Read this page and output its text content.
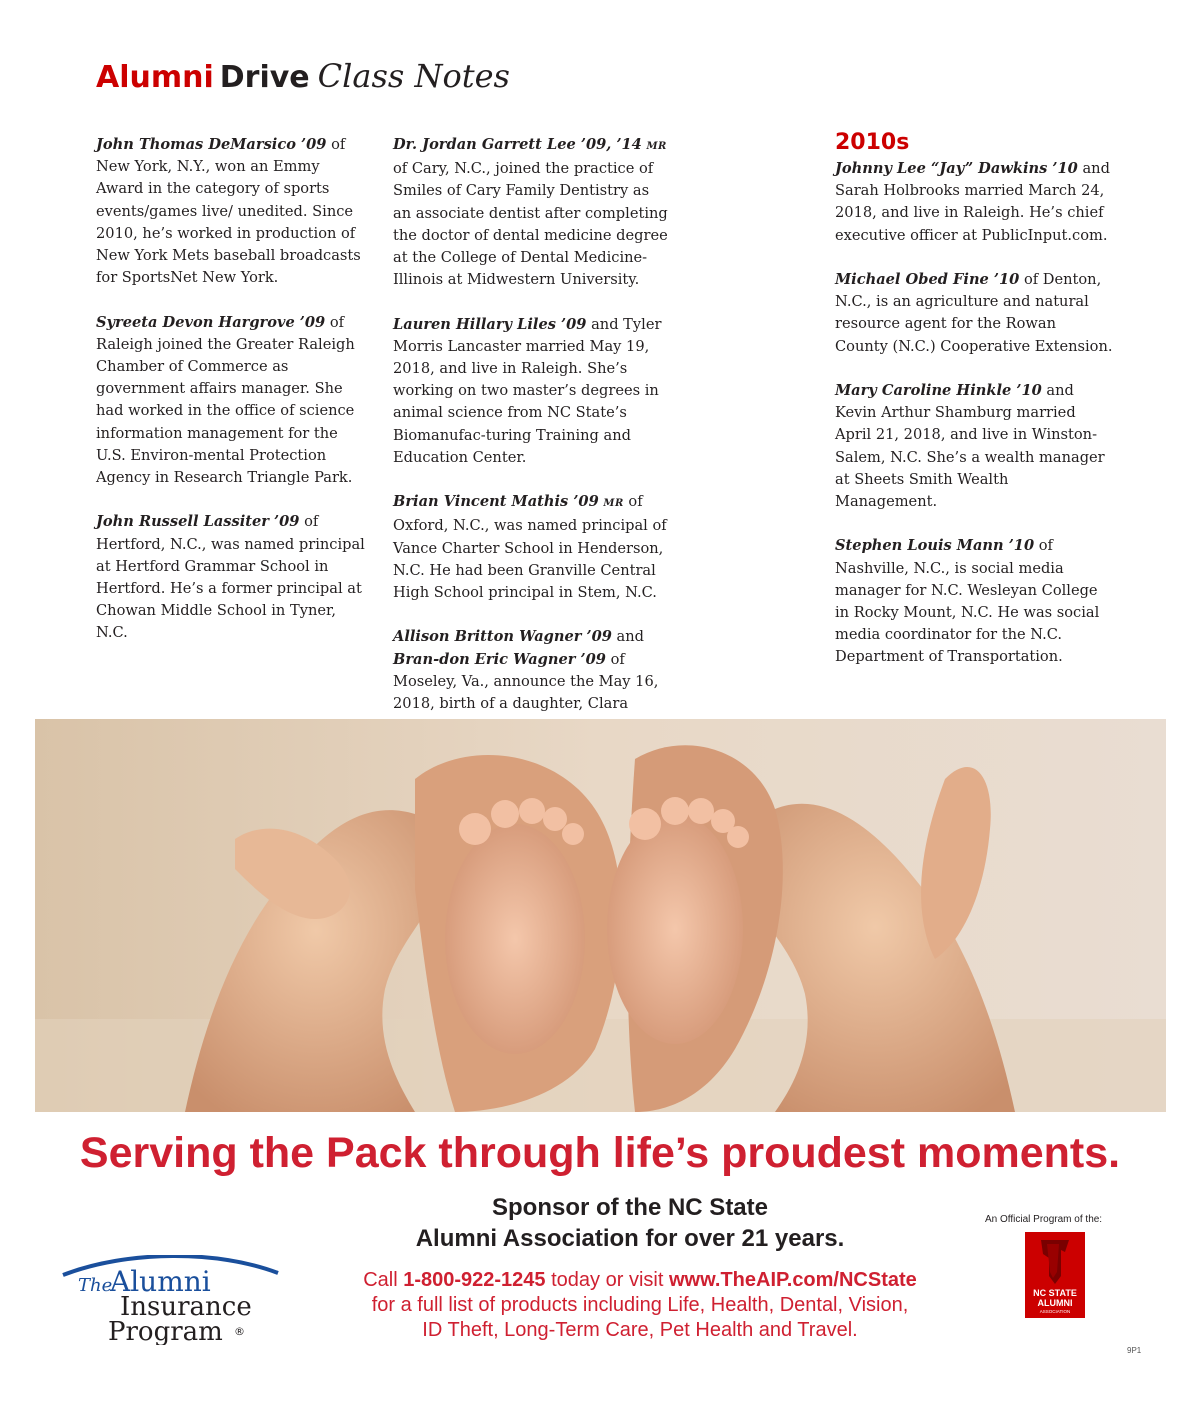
Alumni Drive Class Notes

John Thomas DeMarsico ’09 of New York, N.Y., won an Emmy Award in the category of sports events/games live/ unedited. Since 2010, he’s worked in production of New York Mets baseball broadcasts for SportsNet New York.

Syreeta Devon Hargrove ’09 of Raleigh joined the Greater Raleigh Chamber of Commerce as government affairs manager. She had worked in the office of science information management for the U.S. Environ-mental Protection Agency in Research Triangle Park.

John Russell Lassiter ’09 of Hertford, N.C., was named principal at Hertford Grammar School in Hertford. He’s a former principal at Chowan Middle School in Tyner, N.C.

Dr. Jordan Garrett Lee ’09, ’14 MR
of Cary, N.C., joined the practice of Smiles of Cary Family Dentistry as an associate dentist after completing the doctor of dental medicine degree at the College of Dental Medicine-Illinois at Midwestern University.

Lauren Hillary Liles ’09 and Tyler Morris Lancaster married May 19, 2018, and live in Raleigh. She’s working on two master’s degrees in animal science from NC State’s Biomanufac-turing Training and Education Center.

Brian Vincent Mathis ’09 MR of Oxford, N.C., was named principal of Vance Charter School in Henderson, N.C. He had been Granville Central High School principal in Stem, N.C.

Allison Britton Wagner ’09 and Bran-don Eric Wagner ’09 of Moseley, Va., announce the May 16, 2018, birth of a daughter, Clara

2010s

Johnny Lee “Jay” Dawkins ’10 and Sarah Holbrooks married March 24, 2018, and live in Raleigh. He’s chief executive officer at PublicInput.com.

Michael Obed Fine ’10 of Denton, N.C., is an agriculture and natural resource agent for the Rowan County (N.C.) Cooperative Extension.

Mary Caroline Hinkle ’10 and Kevin Arthur Shamburg married April 21, 2018, and live in Winston-Salem, N.C. She’s a wealth manager at Sheets Smith Wealth Management.

Stephen Louis Mann ’10 of Nashville, N.C., is social media manager for N.C. Wesleyan College in Rocky Mount, N.C. He was social media coordinator for the N.C. Department of Transportation.

Serving the Pack through life’s proudest moments.
Sponsor of the NC State
Alumni Association for over 21 years.
Call 1-800-922-1245 today or visit www.TheAIP.com/NCState
for a full list of products including Life, Health, Dental, Vision,
ID Theft, Long-Term Care, Pet Health and Travel.
The
Alumni
Insurance
Program ®
An Official Program of the:
NC STATE
ALUMNI
ASSOCIATION
9P1
